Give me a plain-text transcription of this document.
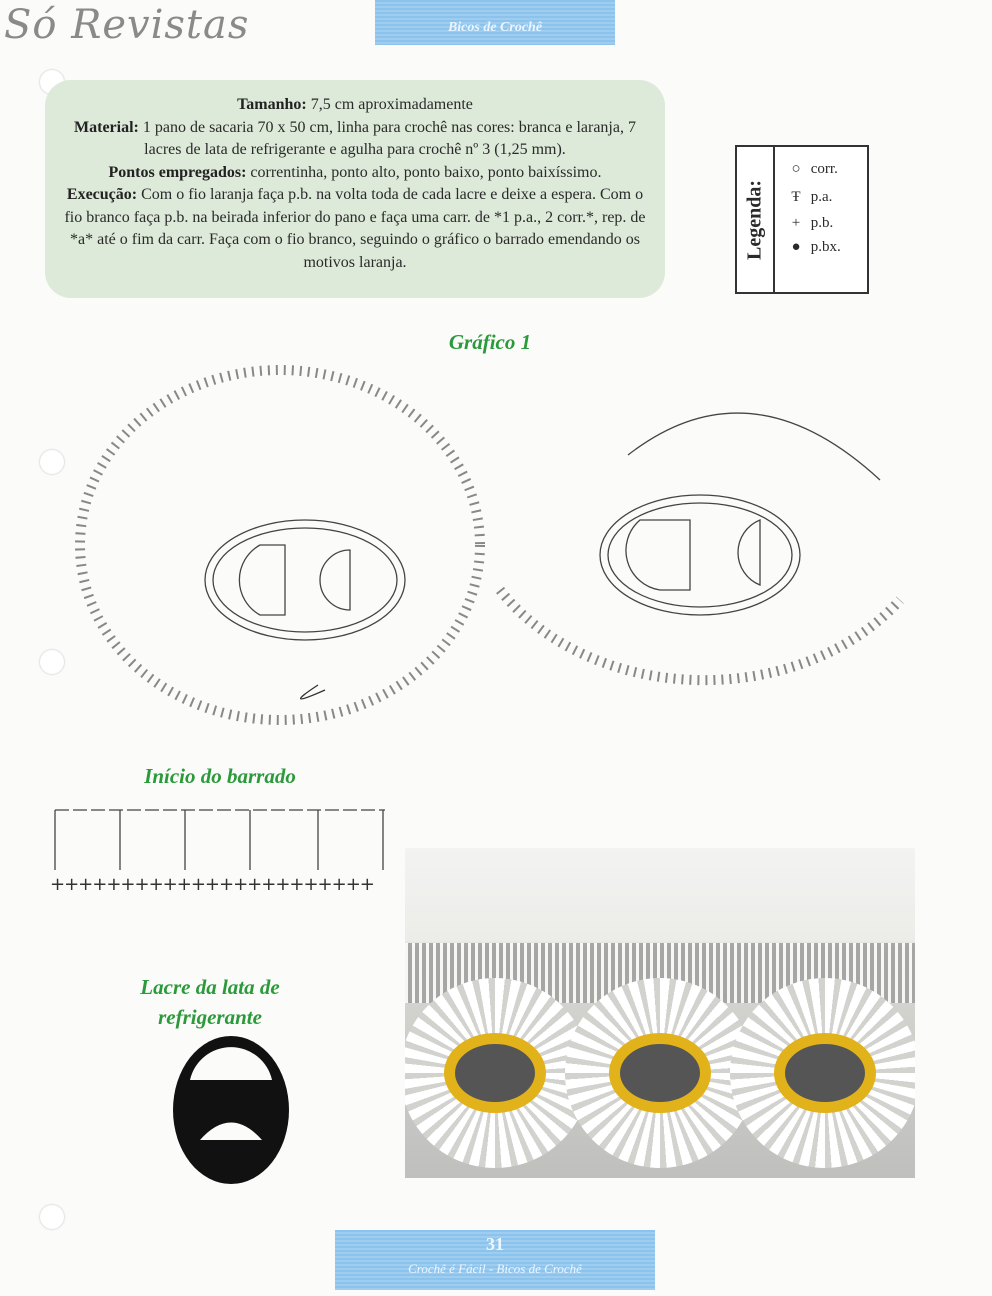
Só Revistas	Bicos de Crochê
Tamanho: 7,5 cm aproximadamente
Material: 1 pano de sacaria 70 x 50 cm, linha para crochê nas cores: branca e laranja, 7 lacres de lata de refrigerante e agulha para crochê nº 3 (1,25 mm).
Pontos empregados: correntinha, ponto alto, ponto baixo, ponto baixíssimo.
Execução: Com o fio laranja faça p.b. na volta toda de cada lacre e deixe a espera. Com o fio branco faça p.b. na beirada inferior do pano e faça uma carr. de *1 p.a., 2 corr.*, rep. de *a* até o fim da carr. Faça com o fio branco, seguindo o gráfico o barrado emendando os motivos laranja.
Legenda:
○ corr.
Ŧ p.a.
+ p.b.
● p.bx.
Gráfico 1
+++++++++++++++++++++++
Início do barrado
Lacre da lata de
refrigerante
31
Crochê é Fácil - Bicos de Crochê
